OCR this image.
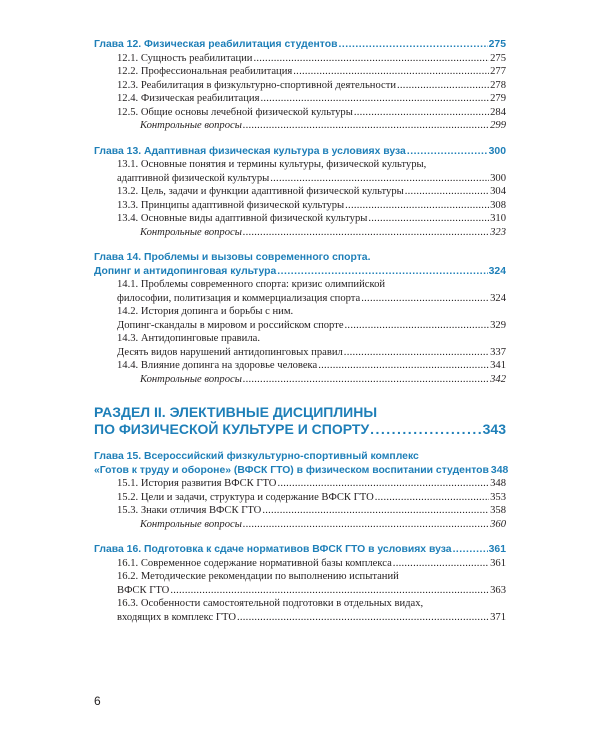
Глава 12. Физическая реабилитация студентов . . .	275
12.1. Сущность реабилитации . . .	275
12.2. Профессиональная реабилитация . . .	277
12.3. Реабилитация в физкультурно-спортивной деятельности . . .	278
12.4. Физическая реабилитация . . .	279
12.5. Общие основы лечебной физической культуры . . .	284
Контрольные вопросы . . .	299
Глава 13. Адаптивная физическая культура в условиях вуза . . .	300
13.1. Основные понятия и термины культуры, физической культуры,
адаптивной физической культуры . . .	300
13.2. Цель, задачи и функции адаптивной физической культуры . . .	304
13.3. Принципы адаптивной физической культуры . . .	308
13.4. Основные виды адаптивной физической культуры . . .	310
Контрольные вопросы . . .	323
Глава 14. Проблемы и вызовы современного спорта.
Допинг и антидопинговая культура . . .	324
14.1. Проблемы современного спорта: кризис олимпийской
философии, политизация и коммерциализация спорта . . .	324
14.2. История допинга и борьбы с ним.
Допинг-скандалы в мировом и российском спорте . . .	329
14.3. Антидопинговые правила.
Десять видов нарушений антидопинговых правил . . .	337
14.4. Влияние допинга на здоровье человека . . .	341
Контрольные вопросы . . .	342
РАЗДЕЛ II. ЭЛЕКТИВНЫЕ ДИСЦИПЛИНЫ
ПО ФИЗИЧЕСКОЙ КУЛЬТУРЕ И СПОРТУ . . .	343
Глава 15. Всероссийский физкультурно-спортивный комплекс
«Готов к труду и обороне» (ВФСК ГТО) в физическом воспитании студентов 348
15.1. История развития ВФСК ГТО . . .	348
15.2. Цели и задачи, структура и содержание ВФСК ГТО . . .	353
15.3. Знаки отличия ВФСК ГТО . . .	358
Контрольные вопросы . . .	360
Глава 16. Подготовка к сдаче нормативов ВФСК ГТО в условиях вуза . . .	361
16.1. Современное содержание нормативной базы комплекса . . .	361
16.2. Методические рекомендации по выполнению испытаний
ВФСК ГТО . . .	363
16.3. Особенности самостоятельной подготовки в отдельных видах,
входящих в комплекс ГТО . . .	371
6
